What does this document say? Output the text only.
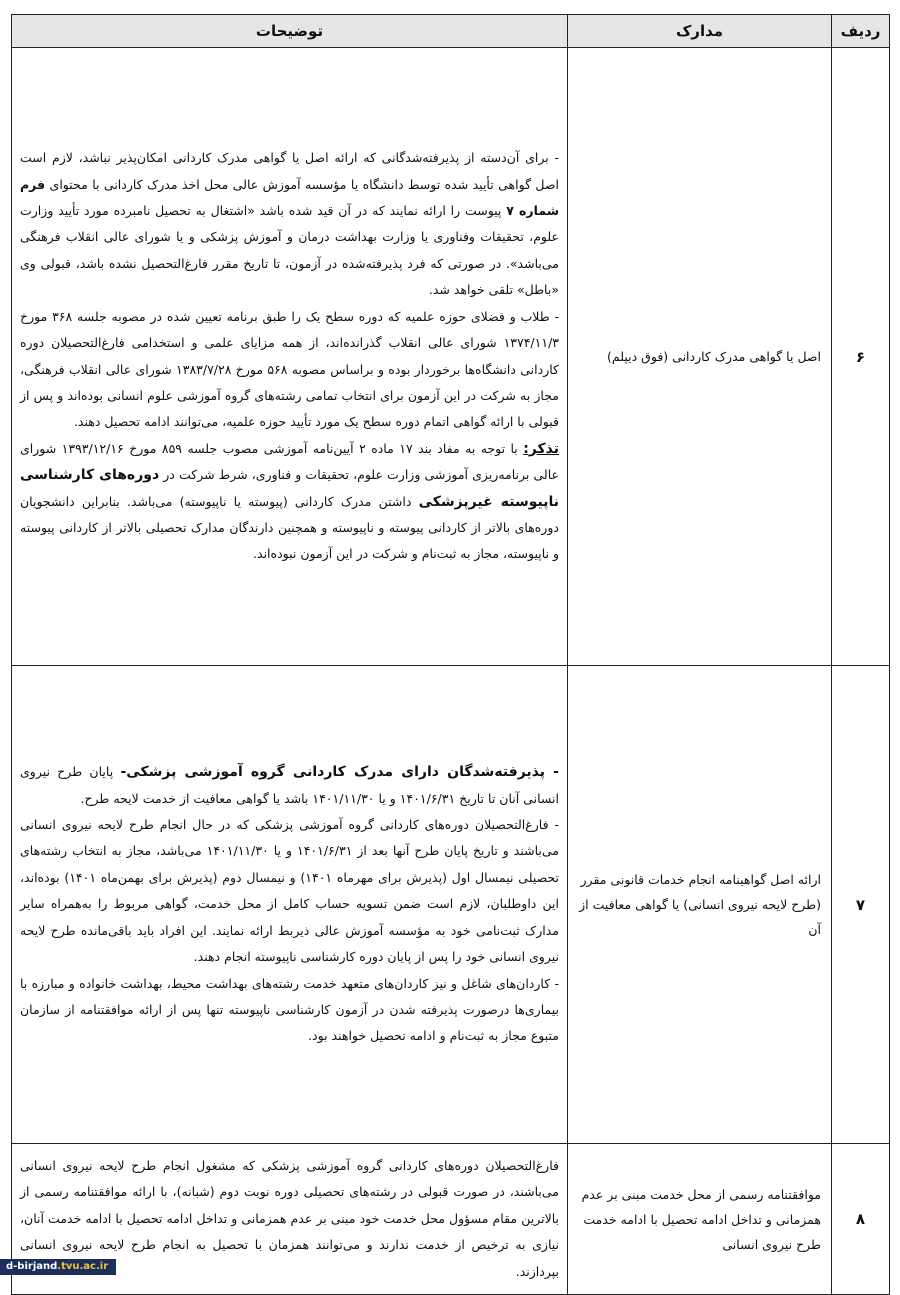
ردیف	مدارک	توضیحات
۶	اصل یا گواهی مدرک کاردانی (فوق دیپلم)	- برای آن‌دسته از پذیرفته‌شدگانی که ارائه اصل یا گواهی مدرک کاردانی امکان‌پذیر نباشد، لازم است اصل گواهی تأیید شده توسط دانشگاه یا مؤسسه آموزش عالی محل اخذ مدرک کاردانی با محتوای فرم شماره ۷ پیوست را ارائه نمایند که در آن قید شده باشد «اشتغال به تحصیل نامبرده مورد تأیید وزارت علوم، تحقیقات وفناوری یا وزارت بهداشت درمان و آموزش پزشکی و یا شورای عالی انقلاب فرهنگی می‌باشد». در صورتی که فرد پذیرفته‌شده در آزمون، تا تاریخ مقرر فارغ‌التحصیل نشده باشد، قبولی وی «باطل» تلقی خواهد شد.

- طلاب و فضلای حوزه علمیه که دوره سطح یک را طبق برنامه تعیین شده در مصوبه جلسه ۳۶۸ مورخ ۱۳۷۴/۱۱/۳ شورای عالی انقلاب گذرانده‌اند، از همه مزایای علمی و استخدامی فارغ‌التحصیلان دوره کاردانی دانشگاه‌ها برخوردار بوده و براساس مصوبه ۵۶۸ مورخ ۱۳۸۳/۷/۲۸ شورای عالی انقلاب فرهنگی، مجاز به شرکت در این آزمون برای انتخاب تمامی رشته‌های گروه آموزشی علوم انسانی بوده‌اند و پس از قبولی با ارائه گواهی اتمام دوره سطح یک مورد تأیید حوزه علمیه، می‌توانند ادامه تحصیل دهند.

تذکر: با توجه به مفاد بند ۱۷ ماده ۲ آیین‌نامه آموزشی مصوب جلسه ۸۵۹ مورخ ۱۳۹۳/۱۲/۱۶ شورای عالی برنامه‌ریزی آموزشی وزارت علوم، تحقیقات و فناوری، شرط شرکت در دوره‌های کارشناسی ناپیوسته غیرپزشکی داشتن مدرک کاردانی (پیوسته یا ناپیوسته) می‌باشد. بنابراین دانشجویان دوره‌های بالاتر از کاردانی پیوسته و ناپیوسته و همچنین دارندگان مدارک تحصیلی بالاتر از کاردانی پیوسته و ناپیوسته، مجاز به ثبت‌نام و شرکت در این آزمون نبوده‌اند.

۷	ارائه اصل گواهینامه انجام خدمات قانونی مقرر (طرح لایحه نیروی انسانی) یا گواهی معافیت از آن	- پذیرفته‌شدگان دارای مدرک کاردانی گروه آموزشی پزشکی- پایان طرح نیروی انسانی آنان تا تاریخ ۱۴۰۱/۶/۳۱ و یا ۱۴۰۱/۱۱/۳۰ باشد یا گواهی معافیت از خدمت لایحه طرح.

- فارغ‌التحصیلان دوره‌های کاردانی گروه آموزشی پزشکی که در حال انجام طرح لایحه نیروی انسانی می‌باشند و تاریخ پایان طرح آنها بعد از ۱۴۰۱/۶/۳۱ و یا ۱۴۰۱/۱۱/۳۰ می‌باشد، مجاز به انتخاب رشته‌های تحصیلی نیمسال اول (پذیرش برای مهرماه ۱۴۰۱) و نیمسال دوم (پذیرش برای بهمن‌ماه ۱۴۰۱) بوده‌اند، این داوطلبان، لازم است ضمن تسویه حساب کامل از محل خدمت، گواهی مربوط را به‌همراه سایر مدارک ثبت‌نامی خود به مؤسسه آموزش عالی ذیربط ارائه نمایند. این افراد باید باقی‌مانده طرح لایحه نیروی انسانی خود را پس از پایان دوره کارشناسی ناپیوسته انجام دهند.

- کاردان‌های شاغل و نیز کاردان‌های متعهد خدمت رشته‌های بهداشت محیط، بهداشت خانواده و مبارزه با بیماری‌ها درصورت پذیرفته شدن در آزمون کارشناسی ناپیوسته تنها پس از ارائه موافقتنامه از سازمان متبوع مجاز به ثبت‌نام و ادامه تحصیل خواهند بود.

۸	موافقتنامه رسمی از محل خدمت مبنی بر عدم همزمانی و تداخل ادامه تحصیل با ادامه خدمت طرح نیروی انسانی	فارغ‌التحصیلان دوره‌های کاردانی گروه آموزشی پزشکی که مشغول انجام طرح لایحه نیروی انسانی می‌باشند، در صورت قبولی در رشته‌های تحصیلی دوره نوبت دوم (شبانه)، با ارائه موافقتنامه رسمی از بالاترین مقام مسؤول محل خدمت خود مبنی بر عدم همزمانی و تداخل ادامه تحصیل با ادامه خدمت آنان، نیازی به ترخیص از خدمت ندارند و می‌توانند همزمان با تحصیل به انجام طرح لایحه نیروی انسانی بپردازند.

d-birjand.tvu.ac.ir
